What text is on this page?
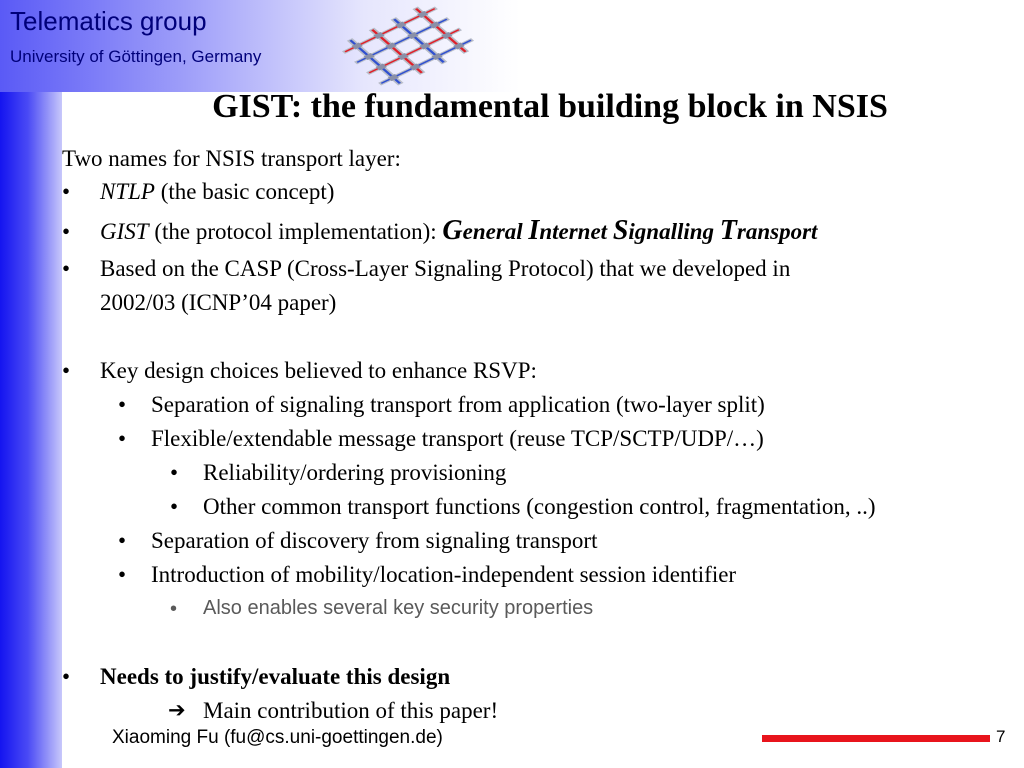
Telematics group
University of Göttingen, Germany
GIST: the fundamental building block in NSIS
Two names for NSIS transport layer:
• NTLP (the basic concept)
• GIST (the protocol implementation): General Internet Signalling Transport
• Based on the CASP (Cross-Layer Signaling Protocol) that we developed in
2002/03 (ICNP’04 paper)
• Key design choices believed to enhance RSVP:
• Separation of signaling transport from application (two-layer split)
• Flexible/extendable message transport (reuse TCP/SCTP/UDP/…)
• Reliability/ordering provisioning
• Other common transport functions (congestion control, fragmentation, ..)
• Separation of discovery from signaling transport
• Introduction of mobility/location-independent session identifier
• Also enables several key security properties
• Needs to justify/evaluate this design
➔ Main contribution of this paper!
Xiaoming Fu (fu@cs.uni-goettingen.de)	7
